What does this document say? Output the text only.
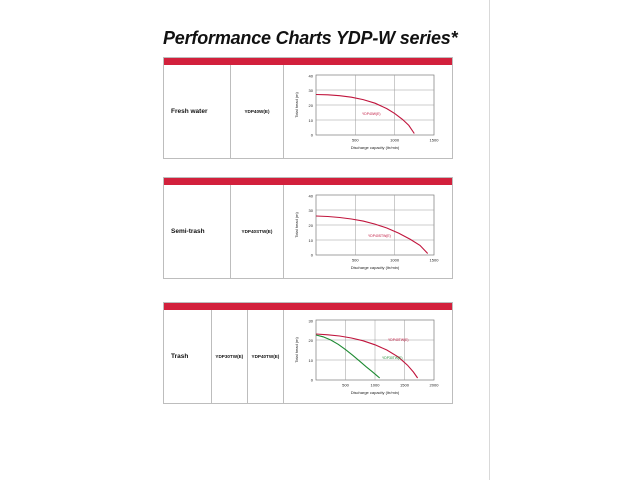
Performance Charts YDP-W series*
Fresh water	YDP40W(E)
40
30
20
10
0
500	1000	1500
Discharge capacity (ltr/min)
Total head (m)	YDP40W(E)
Semi-trash	YDP40STW(E)
40
30
20
10
0
500	1000	1500
Discharge capacity (ltr/min)
Total head (m)	YDP40STW(E)
Trash	YDP30TW(E) YDP40TW(E)
30
20
10
0
500	1000	1500	2000
Discharge capacity (ltr/min)
Total head (m)	YDP40TW(E)
YDP30TW(E)
